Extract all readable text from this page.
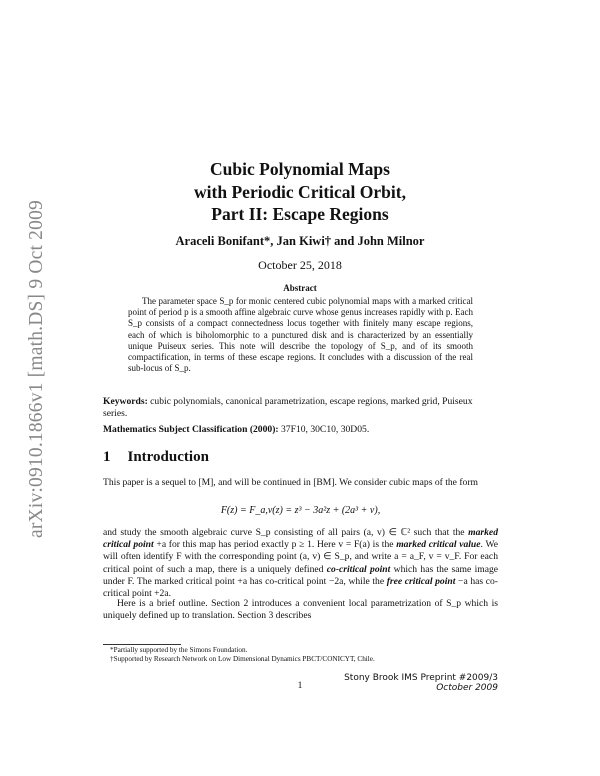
arXiv:0910.1866v1 [math.DS] 9 Oct 2009
Cubic Polynomial Maps
with Periodic Critical Orbit,
Part II: Escape Regions
Araceli Bonifant*, Jan Kiwi† and John Milnor
October 25, 2018
Abstract

The parameter space S_p for monic centered cubic polynomial maps with a marked critical point of period p is a smooth affine algebraic curve whose genus increases rapidly with p. Each S_p consists of a compact connectedness locus together with finitely many escape regions, each of which is biholomorphic to a punctured disk and is characterized by an essentially unique Puiseux series. This note will describe the topology of S_p, and of its smooth compactification, in terms of these escape regions. It concludes with a discussion of the real sub-locus of S_p.

Keywords: cubic polynomials, canonical parametrization, escape regions, marked grid, Puiseux series.

Mathematics Subject Classification (2000): 37F10, 30C10, 30D05.

1 Introduction

This paper is a sequel to [M], and will be continued in [BM]. We consider cubic maps of the form

F(z) = F_a,v(z) = z³ − 3a²z + (2a³ + v),

and study the smooth algebraic curve S_p consisting of all pairs (a, v) ∈ ℂ² such that the marked critical point +a for this map has period exactly p ≥ 1. Here v = F(a) is the marked critical value. We will often identify F with the corresponding point (a, v) ∈ S_p, and write a = a_F, v = v_F. For each critical point of such a map, there is a uniquely defined co-critical point which has the same image under F. The marked critical point +a has co-critical point −2a, while the free critical point −a has co-critical point +2a.

Here is a brief outline. Section 2 introduces a convenient local parametrization of S_p which is uniquely defined up to translation. Section 3 describes

*Partially supported by the Simons Foundation.
†Supported by Research Network on Low Dimensional Dynamics PBCT/CONICYT, Chile.
Stony Brook IMS Preprint #2009/3
October 2009
1
